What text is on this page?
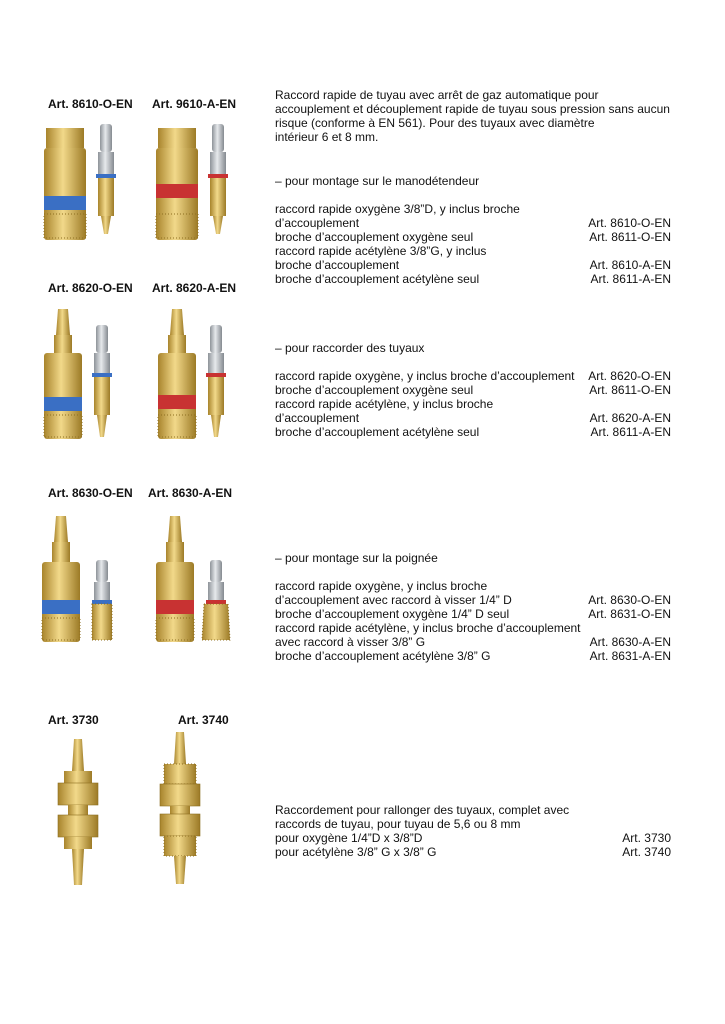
Art. 8610-O-EN Art. 9610-A-EN
Raccord rapide de tuyau avec arrêt de gaz automatique pour
accouplement et découplement rapide de tuyau sous pression sans aucun
risque (conforme à EN 561). Pour des tuyaux avec diamètre
intérieur 6 et 8 mm.
– pour montage sur le manodétendeur
raccord rapide oxygène 3/8”D, y inclus broche
d’accouplement	Art. 8610-O-EN
broche d’accouplement oxygène seul	Art. 8611-O-EN
raccord rapide acétylène 3/8”G, y inclus
broche d’accouplement	Art. 8610-A-EN
broche d’accouplement acétylène seul	Art. 8611-A-EN
Art. 8620-O-EN Art. 8620-A-EN
– pour raccorder des tuyaux
raccord rapide oxygène, y inclus broche d’accouplement Art. 8620-O-EN
broche d’accouplement oxygène seul	Art. 8611-O-EN
raccord rapide acétylène, y inclus broche
d’accouplement	Art. 8620-A-EN
broche d’accouplement acétylène seul	Art. 8611-A-EN
Art. 8630-O-EN Art. 8630-A-EN
– pour montage sur la poignée
raccord rapide oxygène, y inclus broche
d’accouplement avec raccord à visser 1/4” D	Art. 8630-O-EN
broche d’accouplement oxygène 1/4” D seul	Art. 8631-O-EN
raccord rapide acétylène, y inclus broche d’accouplement
avec raccord à visser 3/8” G	Art. 8630-A-EN
broche d’accouplement acétylène 3/8” G	Art. 8631-A-EN
Art. 3730	Art. 3740
Raccordement pour rallonger des tuyaux, complet avec
raccords de tuyau, pour tuyau de 5,6 ou 8 mm
pour oxygène 1/4”D x 3/8”D	Art. 3730
pour acétylène 3/8” G x 3/8” G	Art. 3740
